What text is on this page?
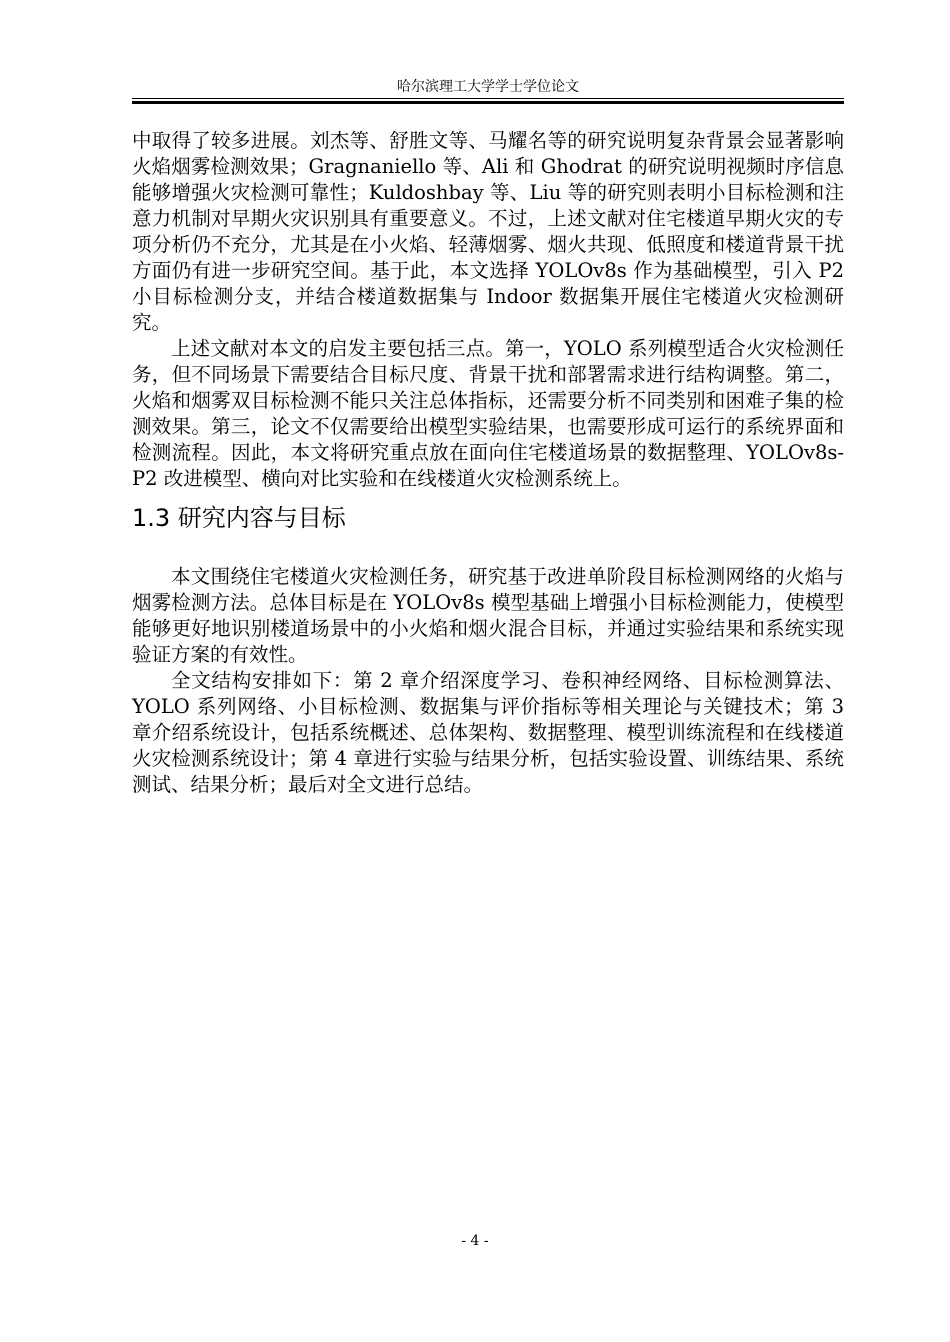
哈尔滨理工大学学士学位论文

中取得了较多进展。刘杰等、舒胜文等、马耀名等的研究说明复杂背景会显著影响火焰烟雾检测效果；Gragnaniello 等、Ali 和 Ghodrat 的研究说明视频时序信息能够增强火灾检测可靠性；Kuldoshbay 等、Liu 等的研究则表明小目标检测和注意力机制对早期火灾识别具有重要意义。不过，上述文献对住宅楼道早期火灾的专项分析仍不充分，尤其是在小火焰、轻薄烟雾、烟火共现、低照度和楼道背景干扰方面仍有进一步研究空间。基于此，本文选择 YOLOv8s 作为基础模型，引入 P2 小目标检测分支，并结合楼道数据集与 Indoor 数据集开展住宅楼道火灾检测研究。

上述文献对本文的启发主要包括三点。第一，YOLO 系列模型适合火灾检测任务，但不同场景下需要结合目标尺度、背景干扰和部署需求进行结构调整。第二，火焰和烟雾双目标检测不能只关注总体指标，还需要分析不同类别和困难子集的检测效果。第三，论文不仅需要给出模型实验结果，也需要形成可运行的系统界面和检测流程。因此，本文将研究重点放在面向住宅楼道场景的数据整理、YOLOv8s-P2 改进模型、横向对比实验和在线楼道火灾检测系统上。

1.3 研究内容与目标

本文围绕住宅楼道火灾检测任务，研究基于改进单阶段目标检测网络的火焰与烟雾检测方法。总体目标是在 YOLOv8s 模型基础上增强小目标检测能力，使模型能够更好地识别楼道场景中的小火焰和烟火混合目标，并通过实验结果和系统实现验证方案的有效性。

全文结构安排如下：第 2 章介绍深度学习、卷积神经网络、目标检测算法、YOLO 系列网络、小目标检测、数据集与评价指标等相关理论与关键技术；第 3 章介绍系统设计，包括系统概述、总体架构、数据整理、模型训练流程和在线楼道火灾检测系统设计；第 4 章进行实验与结果分析，包括实验设置、训练结果、系统测试、结果分析；最后对全文进行总结。

- 4 -
